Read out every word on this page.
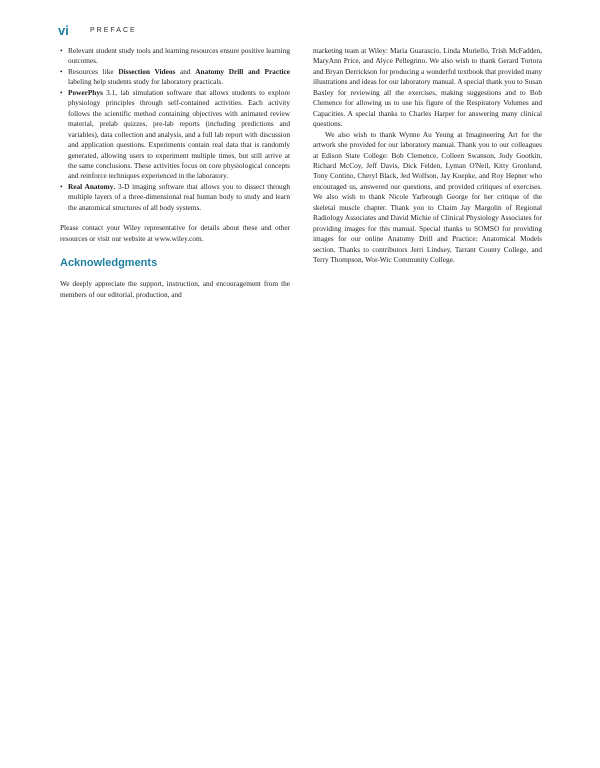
vi	PREFACE
• Relevant student study tools and learning resources ensure positive learning outcomes.
• Resources like Dissection Videos and Anatomy Drill and Practice labeling help students study for laboratory practicals.
• PowerPhys 3.1, lab simulation software that allows students to explore physiology principles through self-contained activities. Each activity follows the scientific method containing objectives with animated review material, prelab quizzes, pre-lab reports (including predictions and variables), data collection and analysis, and a full lab report with discussion and application questions. Experiments contain real data that is randomly generated, allowing users to experiment multiple times, but still arrive at the same conclusions. These activities focus on core physiological concepts and reinforce techniques experienced in the laboratory.
• Real Anatomy, 3-D imaging software that allows you to dissect through multiple layers of a three-dimensional real human body to study and learn the anatomical structures of all body systems.

Please contact your Wiley representative for details about these and other resources or visit our website at www.wiley.com.

Acknowledgments

We deeply appreciate the support, instruction, and encouragement from the members of our editorial, production, and

marketing team at Wiley: Maria Guarascio, Linda Muriello, Trish McFadden, MaryAnn Price, and Alyce Pellegrino. We also wish to thank Gerard Tortora and Bryan Derrickson for producing a wonderful textbook that provided many illustrations and ideas for our laboratory manual. A special thank you to Susan Baxley for reviewing all the exercises, making suggestions and to Bob Clemence for allowing us to use his figure of the Respiratory Volumes and Capacities. A special thanks to Charles Harper for answering many clinical questions.

We also wish to thank Wynne Au Yeung at Imagineering Art for the artwork she provided for our laboratory manual. Thank you to our colleagues at Edison State College: Bob Clemence, Colleen Swanson, Jody Gootkin, Richard McCoy, Jeff Davis, Dick Felden, Lyman O'Neil, Kitty Gronlund, Tony Contino, Cheryl Black, Jed Wolfson, Jay Koepke, and Roy Hepner who encouraged us, answered our questions, and provided critiques of exercises. We also wish to thank Nicole Yarbrough George for her critique of the skeletal muscle chapter. Thank you to Chaim Jay Margolin of Regional Radiology Associates and David Michie of Clinical Physiology Associates for providing images for this manual. Special thanks to SOMSO for providing images for our online Anatomy Drill and Practice: Anatomical Models section. Thanks to contributors Jerri Lindsey, Tarrant County College, and Terry Thompson, Wor-Wic Community College.
